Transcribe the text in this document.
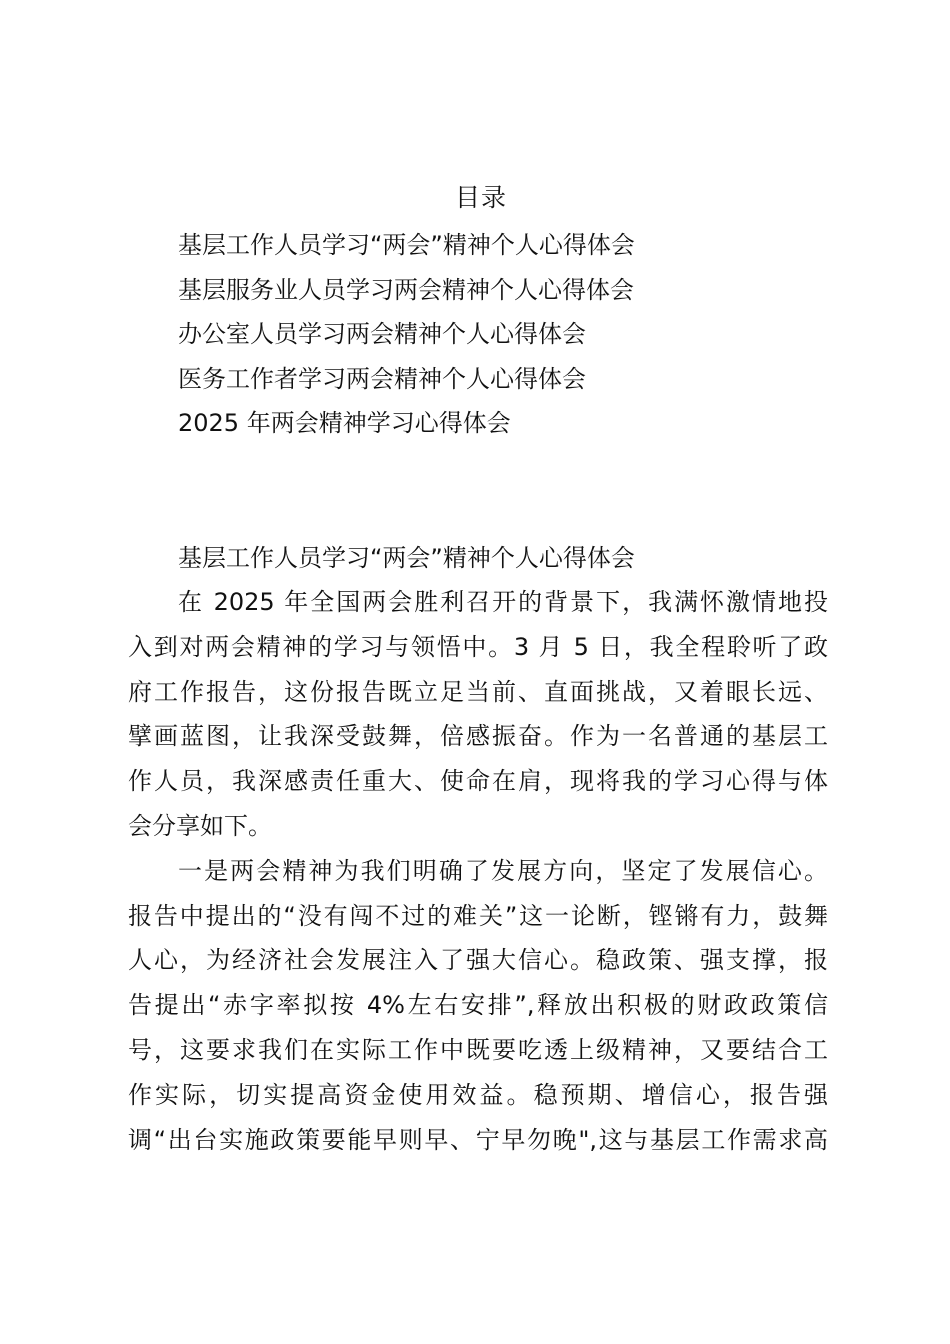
目录
基层工作人员学习“两会”精神个人心得体会
基层服务业人员学习两会精神个人心得体会
办公室人员学习两会精神个人心得体会
医务工作者学习两会精神个人心得体会
2025 年两会精神学习心得体会
基层工作人员学习“两会”精神个人心得体会
在 2025 年全国两会胜利召开的背景下，我满怀激情地投
入到对两会精神的学习与领悟中。3 月 5 日，我全程聆听了政
府工作报告，这份报告既立足当前、直面挑战，又着眼长远、
擘画蓝图，让我深受鼓舞，倍感振奋。作为一名普通的基层工
作人员，我深感责任重大、使命在肩，现将我的学习心得与体
会分享如下。
一是两会精神为我们明确了发展方向，坚定了发展信心。
报告中提出的“没有闯不过的难关”这一论断，铿锵有力，鼓舞
人心，为经济社会发展注入了强大信心。稳政策、强支撑，报
告提出“赤字率拟按 4%左右安排”,释放出积极的财政政策信
号，这要求我们在实际工作中既要吃透上级精神，又要结合工
作实际，切实提高资金使用效益。稳预期、增信心，报告强
调“出台实施政策要能早则早、宁早勿晚",这与基层工作需求高
